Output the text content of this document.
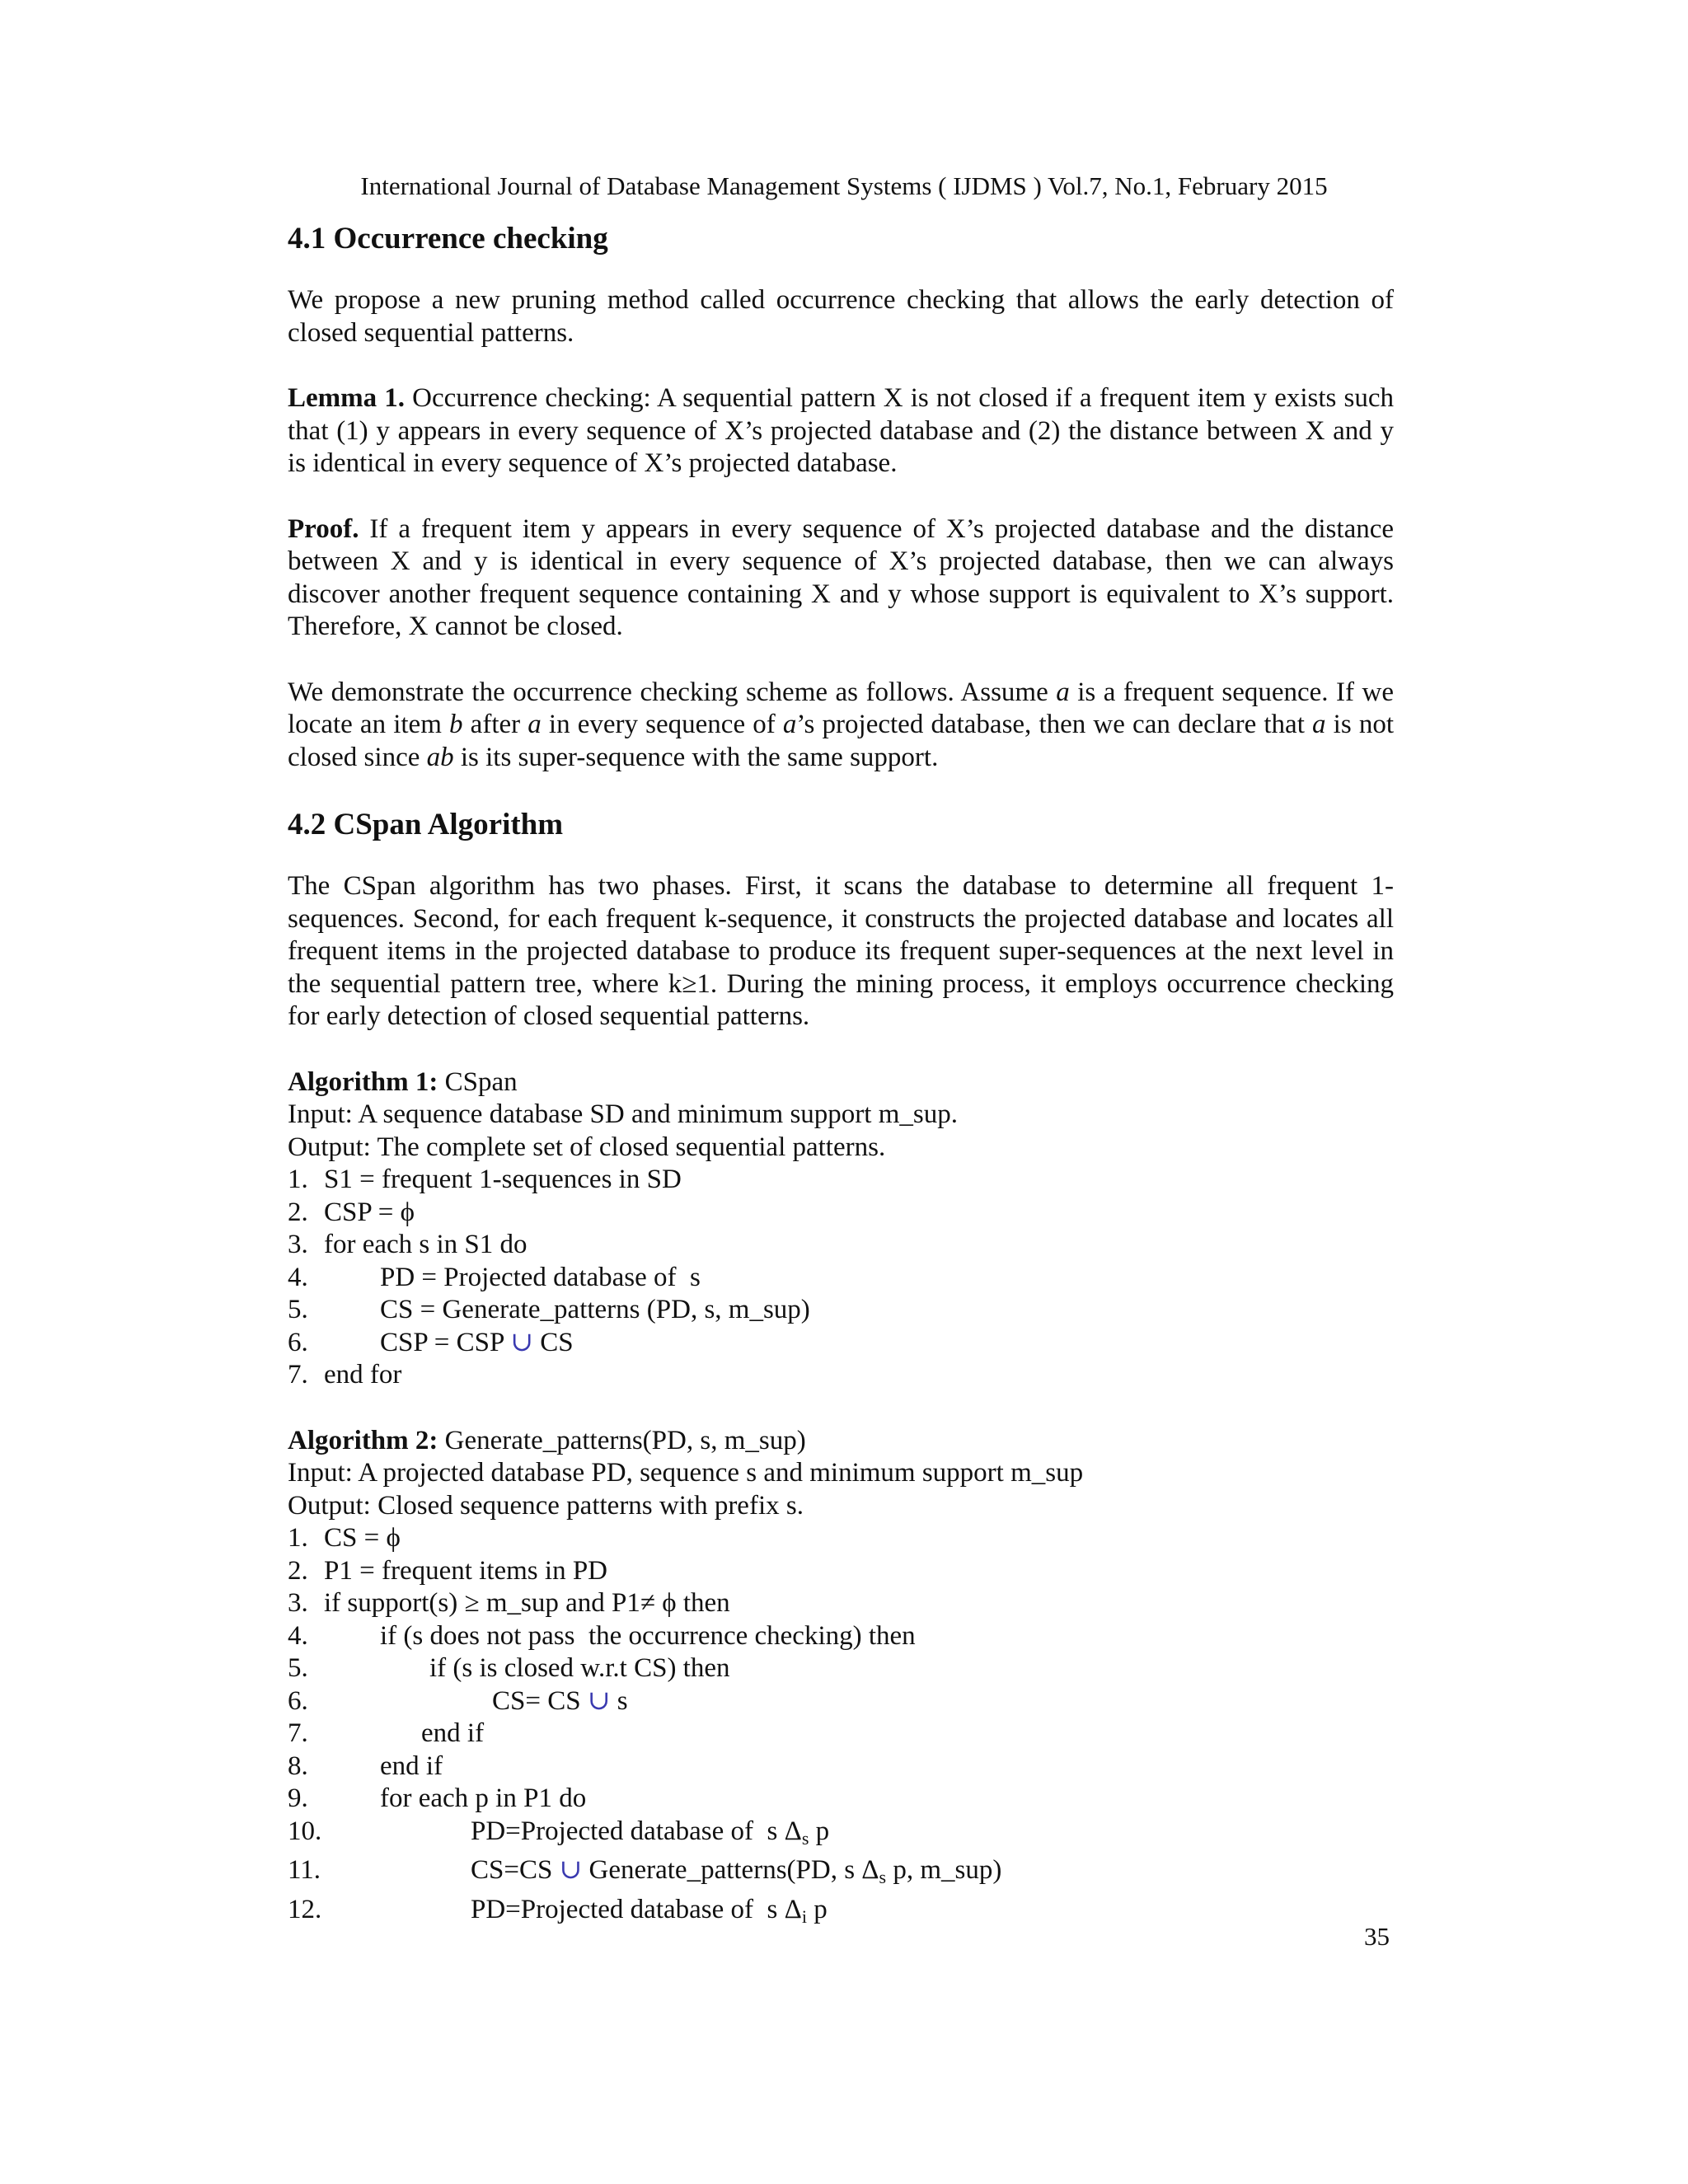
International Journal of Database Management Systems ( IJDMS ) Vol.7, No.1, February 2015
4.1 Occurrence checking

We propose a new pruning method called occurrence checking that allows the early detection of closed sequential patterns.

Lemma 1. Occurrence checking: A sequential pattern X is not closed if a frequent item y exists such that (1) y appears in every sequence of X’s projected database and (2) the distance between X and y is identical in every sequence of X’s projected database.

Proof. If a frequent item y appears in every sequence of X’s projected database and the distance between X and y is identical in every sequence of X’s projected database, then we can always discover another frequent sequence containing X and y whose support is equivalent to X’s support. Therefore, X cannot be closed.

We demonstrate the occurrence checking scheme as follows. Assume a is a frequent sequence. If we locate an item b after a in every sequence of a’s projected database, then we can declare that a is not closed since ab is its super-sequence with the same support.

4.2 CSpan Algorithm

The CSpan algorithm has two phases. First, it scans the database to determine all frequent 1-sequences. Second, for each frequent k-sequence, it constructs the projected database and locates all frequent items in the projected database to produce its frequent super-sequences at the next level in the sequential pattern tree, where k≥1. During the mining process, it employs occurrence checking for early detection of closed sequential patterns.

Algorithm 1: CSpan
Input: A sequence database SD and minimum support m_sup.
Output: The complete set of closed sequential patterns.
1. S1 = frequent 1-sequences in SD
2. CSP = ϕ
3. for each s in S1 do
4.	PD = Projected database of  s
5.	CS = Generate_patterns (PD, s, m_sup)
6.	CSP = CSP ∪ CS
7. end for
Algorithm 2: Generate_patterns(PD, s, m_sup)
Input: A projected database PD, sequence s and minimum support m_sup
Output: Closed sequence patterns with prefix s.
1. CS = ϕ
2. P1 = frequent items in PD
3. if support(s) ≥ m_sup and P1≠ ϕ then
4.	if (s does not pass  the occurrence checking) then
5.	if (s is closed w.r.t CS) then
6.	CS= CS ∪ s
7.	end if
8.	end if
9.	for each p in P1 do
10.	PD=Projected database of  s $\Delta_s$ p
11.	CS=CS ∪ Generate_patterns(PD, s $\Delta_s$ p, m_sup)
12.	PD=Projected database of  s $\Delta_i$ p
35
